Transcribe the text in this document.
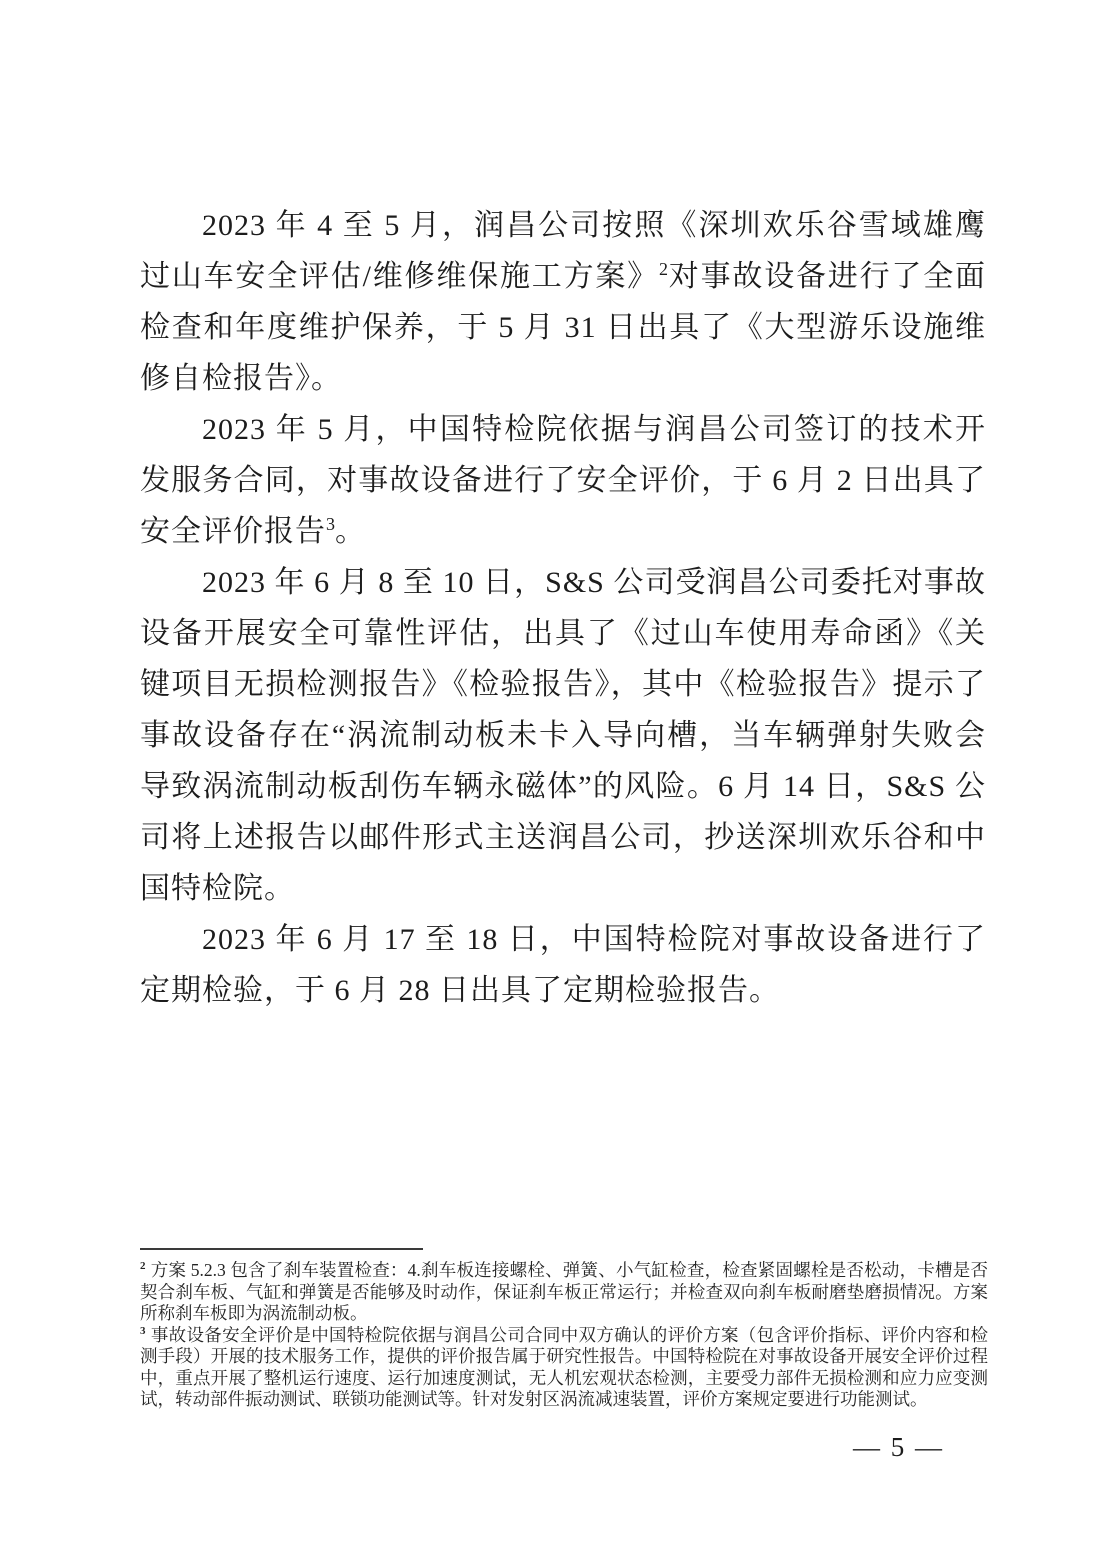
2023 年 4 至 5 月，润昌公司按照《深圳欢乐谷雪域雄鹰过山车安全评估/维修维保施工方案》$^2$对事故设备进行了全面检查和年度维护保养，于 5 月 31 日出具了《大型游乐设施维修自检报告》。

2023 年 5 月，中国特检院依据与润昌公司签订的技术开发服务合同，对事故设备进行了安全评价，于 6 月 2 日出具了安全评价报告$^3$。

2023 年 6 月 8 至 10 日，S&S 公司受润昌公司委托对事故设备开展安全可靠性评估，出具了《过山车使用寿命函》《关键项目无损检测报告》《检验报告》，其中《检验报告》提示了事故设备存在“涡流制动板未卡入导向槽，当车辆弹射失败会导致涡流制动板刮伤车辆永磁体”的风险。6 月 14 日，S&S 公司将上述报告以邮件形式主送润昌公司，抄送深圳欢乐谷和中国特检院。

2023 年 6 月 17 至 18 日，中国特检院对事故设备进行了定期检验，于 6 月 28 日出具了定期检验报告。

$^2$ 方案 5.2.3 包含了刹车装置检查：4.刹车板连接螺栓、弹簧、小气缸检查，检查紧固螺栓是否松动，卡槽是否契合刹车板、气缸和弹簧是否能够及时动作，保证刹车板正常运行；并检查双向刹车板耐磨垫磨损情况。方案所称刹车板即为涡流制动板。

$^3$ 事故设备安全评价是中国特检院依据与润昌公司合同中双方确认的评价方案（包含评价指标、评价内容和检测手段）开展的技术服务工作，提供的评价报告属于研究性报告。中国特检院在对事故设备开展安全评价过程中，重点开展了整机运行速度、运行加速度测试，无人机宏观状态检测，主要受力部件无损检测和应力应变测试，转动部件振动测试、联锁功能测试等。针对发射区涡流减速装置，评价方案规定要进行功能测试。

— 5 —
